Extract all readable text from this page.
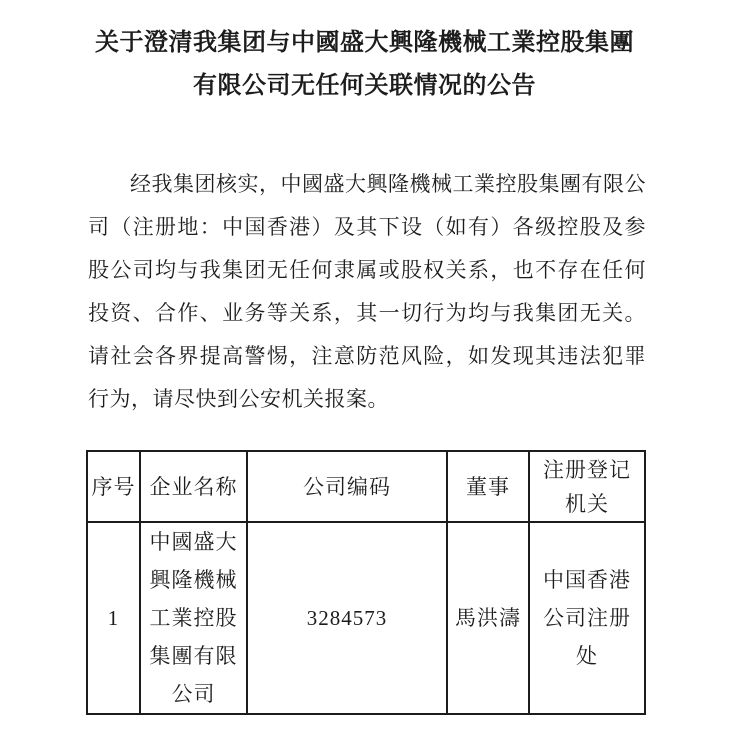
关于澄清我集团与中國盛大興隆機械工業控股集團
有限公司无任何关联情况的公告

经我集团核实，中國盛大興隆機械工業控股集團有限公司（注册地：中国香港）及其下设（如有）各级控股及参股公司均与我集团无任何隶属或股权关系，也不存在任何投资、合作、业务等关系，其一切行为均与我集团无关。请社会各界提高警惕，注意防范风险，如发现其违法犯罪行为，请尽快到公安机关报案。

序号	企业名称	公司编码	董事	注册登记机关

1	中國盛大興隆機械工業控股集團有限公司	3284573	馬洪濤	中国香港公司注册处
